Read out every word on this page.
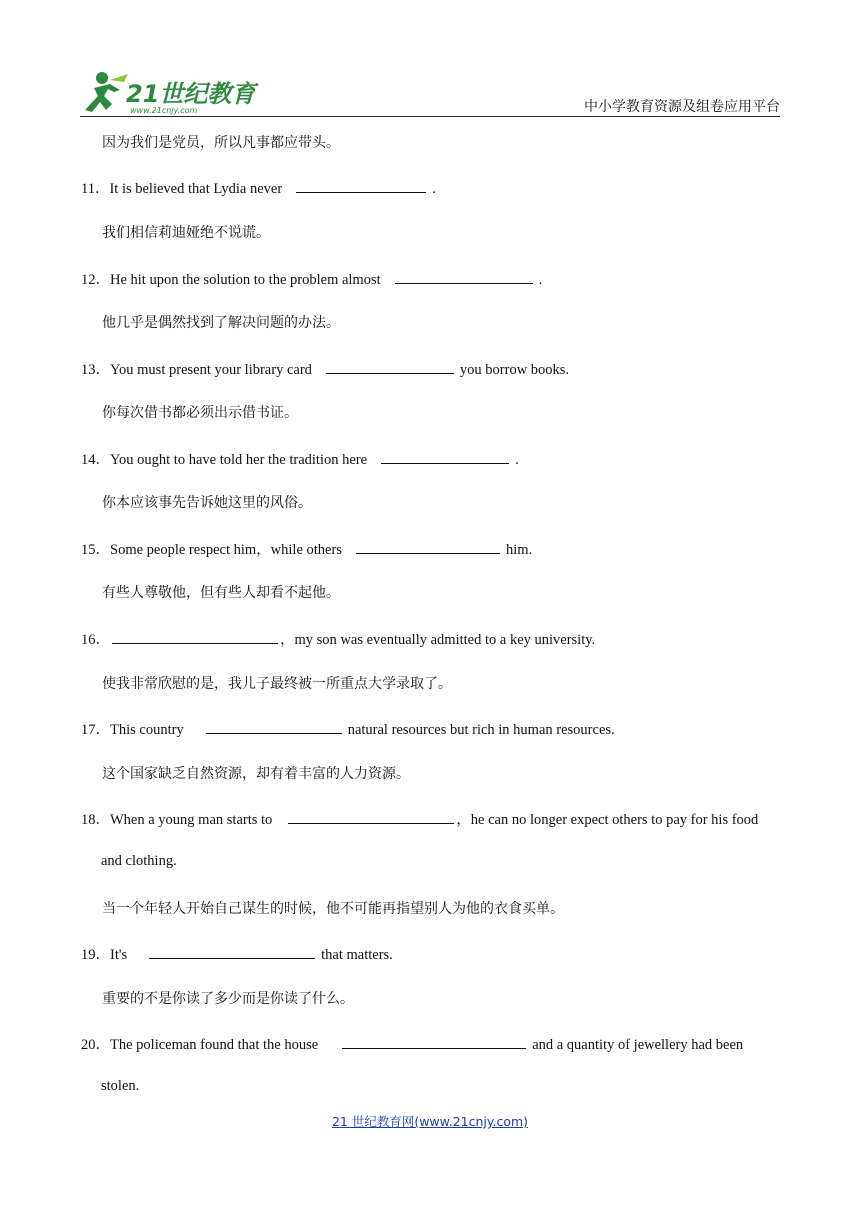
21世纪教育
www.21cnjy.com	中小学教育资源及组卷应用平台
因为我们是党员，所以凡事都应带头。
11．It is believed that Lydia never	.
我们相信莉迪娅绝不说谎。
12．He hit upon the solution to the problem almost	.
他几乎是偶然找到了解决问题的办法。
13．You must present your library card	you borrow books.
你每次借书都必须出示借书证。
14．You ought to have told her the tradition here	.
你本应该事先告诉她这里的风俗。
15．Some people respect him，while others	him.
有些人尊敬他，但有些人却看不起他。
16．	，my son was eventually admitted to a key university.
使我非常欣慰的是，我儿子最终被一所重点大学录取了。
17．This country	natural resources but rich in human resources.
这个国家缺乏自然资源，却有着丰富的人力资源。
18．When a young man starts to	，he can no longer expect others to pay for his food
and clothing.
当一个年轻人开始自己谋生的时候，他不可能再指望别人为他的衣食买单。
19．It's	that matters.
重要的不是你读了多少而是你读了什么。
20．The policeman found that the house	and a quantity of jewellery had been
stolen.
21 世纪教育网(www.21cnjy.com)
